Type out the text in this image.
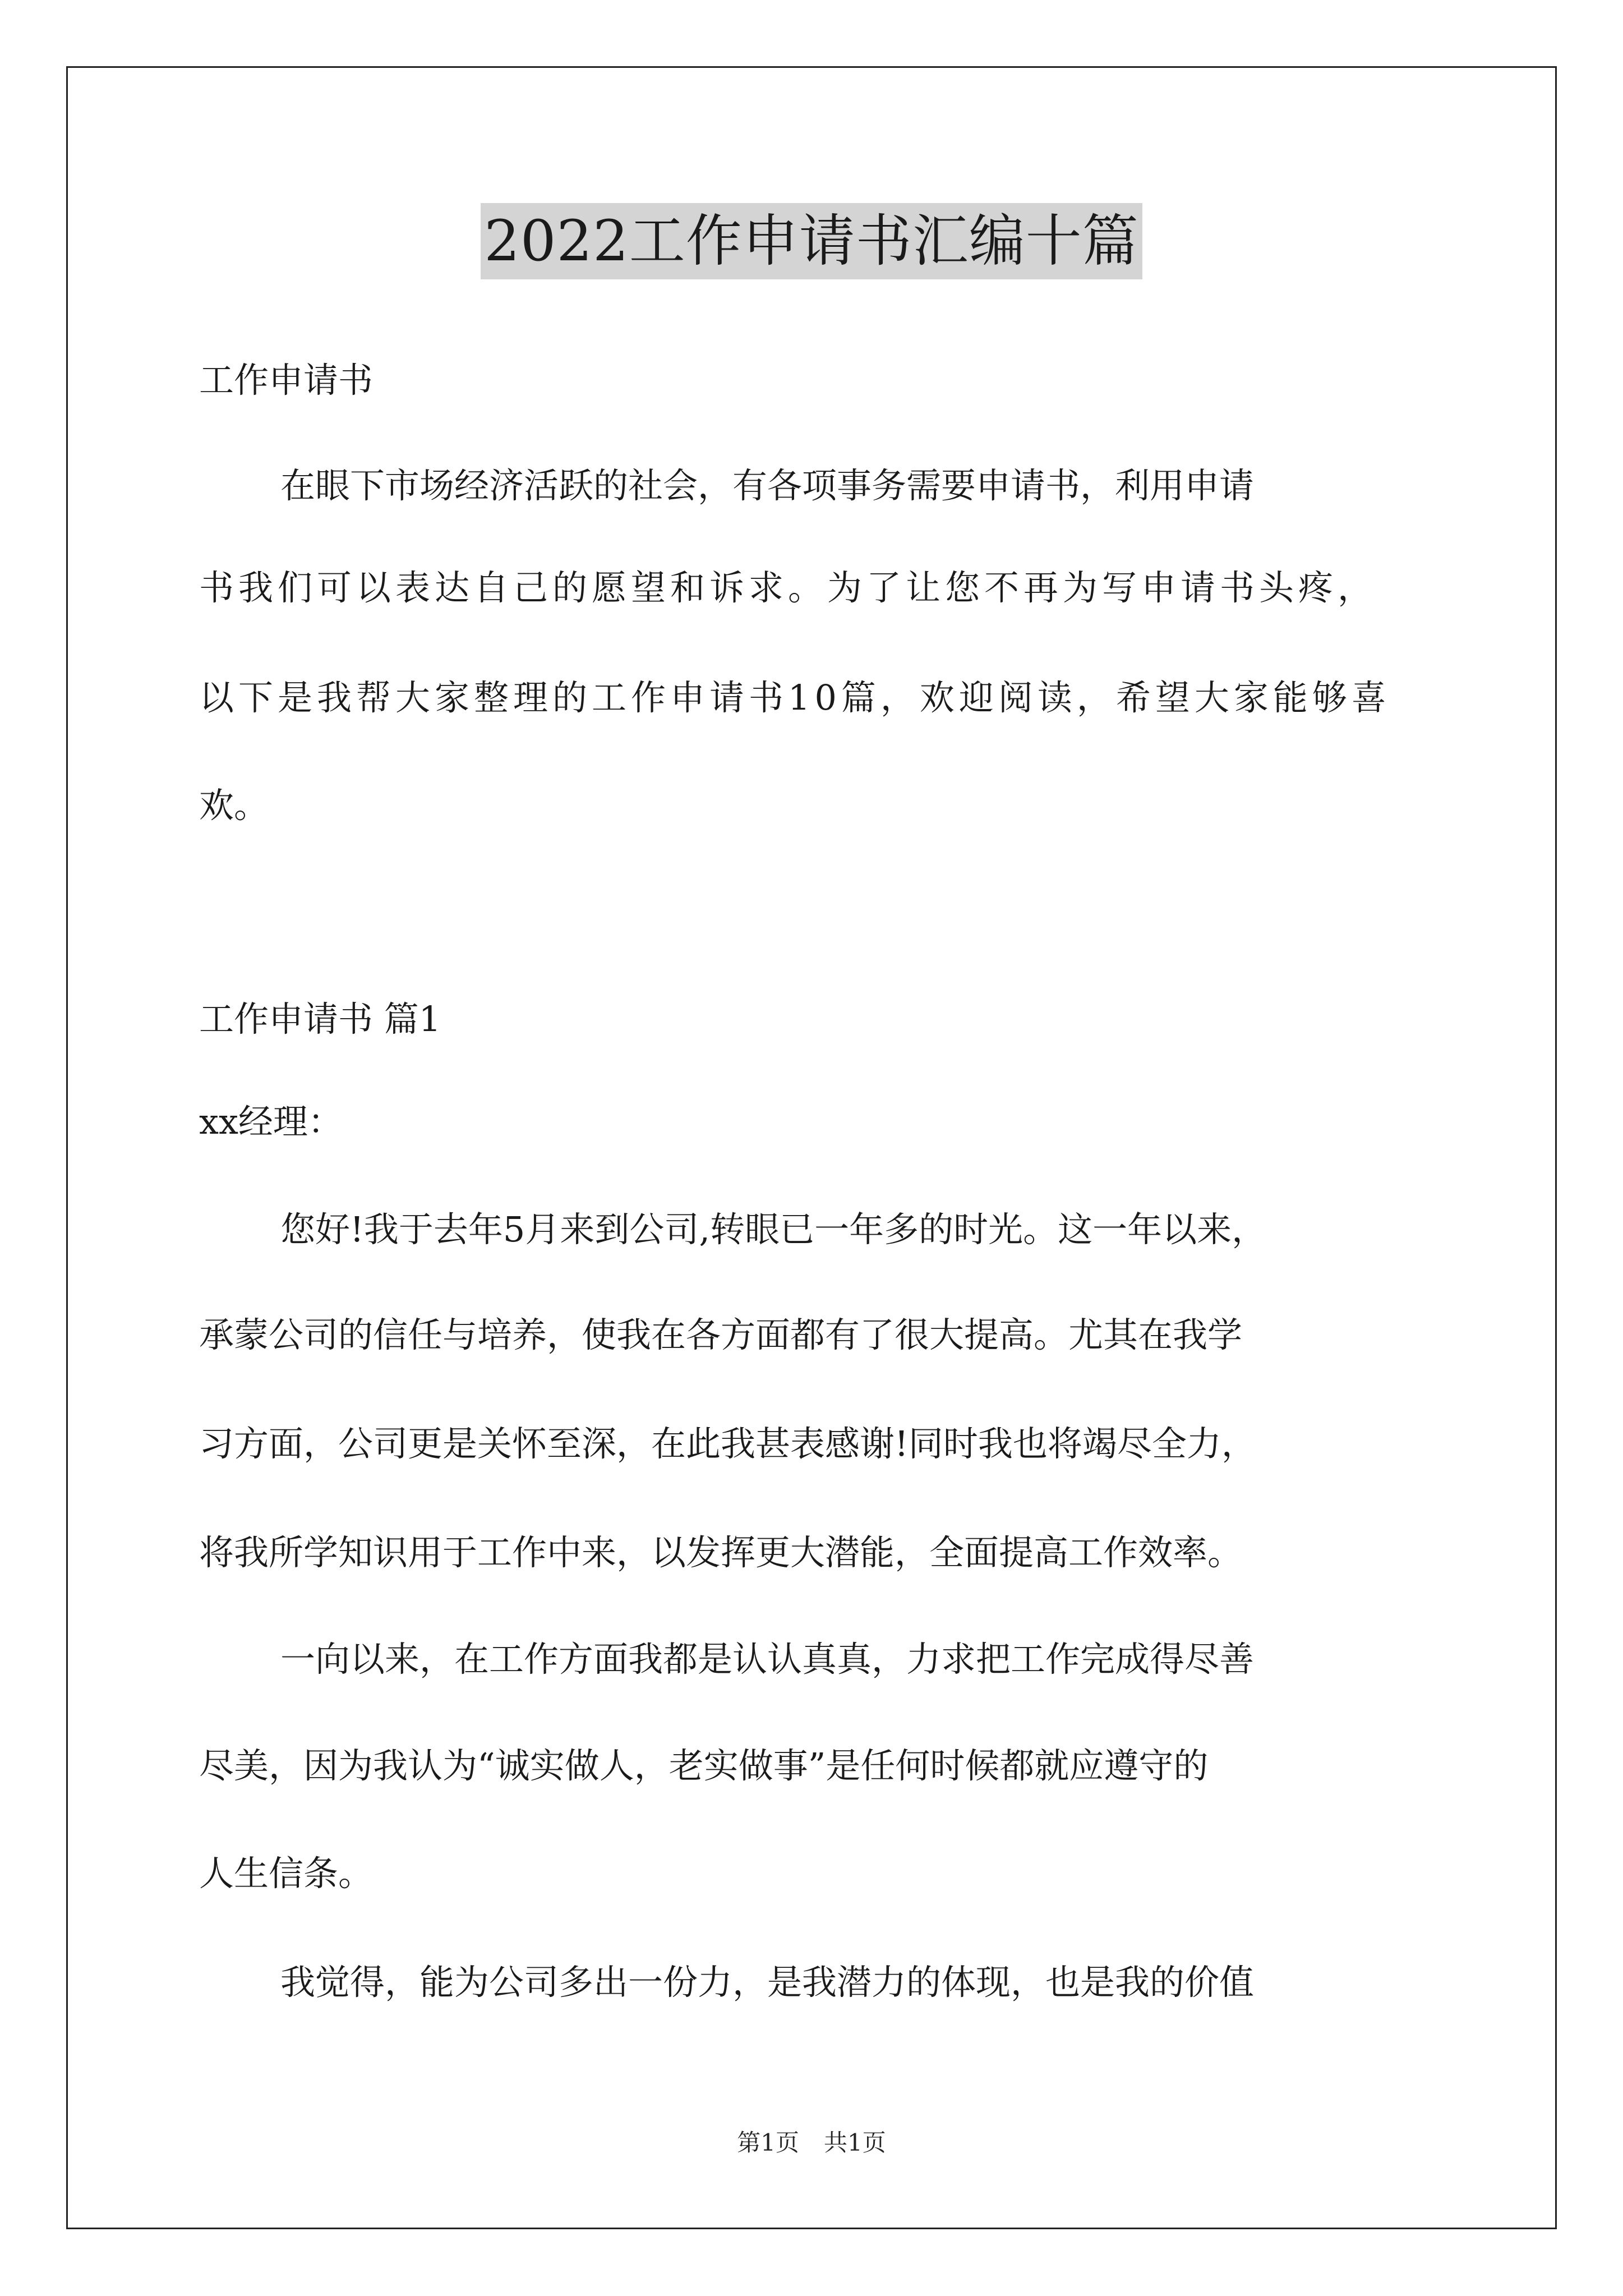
2022工作申请书汇编十篇
工作申请书
在眼下市场经济活跃的社会，有各项事务需要申请书，利用申请
书我们可以表达自己的愿望和诉求。为了让您不再为写申请书头疼，
以下是我帮大家整理的工作申请书10篇，欢迎阅读，希望大家能够喜
欢。
工作申请书 篇1
xx经理：
您好!我于去年5月来到公司,转眼已一年多的时光。这一年以来，
承蒙公司的信任与培养，使我在各方面都有了很大提高。尤其在我学
习方面，公司更是关怀至深，在此我甚表感谢!同时我也将竭尽全力，
将我所学知识用于工作中来，以发挥更大潜能，全面提高工作效率。
一向以来，在工作方面我都是认认真真，力求把工作完成得尽善
尽美，因为我认为“诚实做人，老实做事”是任何时候都就应遵守的
人生信条。
我觉得，能为公司多出一份力，是我潜力的体现，也是我的价值
第1页 共1页
